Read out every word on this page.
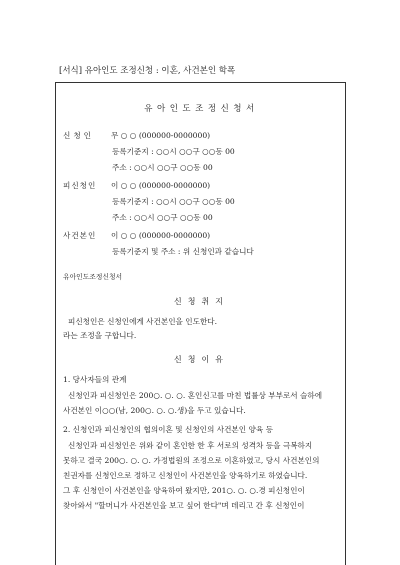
[서식] 유아인도 조정신청 : 이혼, 사건본인 학폭
유아인도조정신청서
신청인 무 ○ ○ (000000-0000000)
등록기준지 : ○○시 ○○구 ○○동 00
주소 : ○○시 ○○구 ○○동 00
피신청인 이 ○ ○ (000000-0000000)
등록기준지 : ○○시 ○○구 ○○동 00
주소 : ○○시 ○○구 ○○동 00
사건본인 이 ○ ○ (000000-0000000)
등록기준지 및 주소 : 위 신청인과 같습니다
유아인도조정신청서
신청취지
피신청인은 신청인에게 사건본인을 인도한다.
라는 조정을 구합니다.
신청이유
1. 당사자들의 관계
신청인과 피신청인은 200○. ○. ○. 혼인신고를 마친 법률상 부부로서 슬하에
사건본인 이○○(남, 200○. ○. ○.생)을 두고 있습니다.
2. 신청인과 피신청인의 협의이혼 및 신청인의 사건본인 양육 등
신청인과 피신청인은 위와 같이 혼인한 한 후 서로의 성격차 등을 극복하지
못하고 결국 200○. ○. ○. 가정법원의 조정으로 이혼하였고, 당시 사건본인의
친권자를 신청인으로 정하고 신청인이 사건본인을 양육하기로 하였습니다.
그 후 신청인이 사건본인을 양육하여 왔지만, 201○. ○. ○.경 피신청인이
찾아와서 "할머니가 사건본인을 보고 싶어 한다"며 데리고 간 후 신청인이
